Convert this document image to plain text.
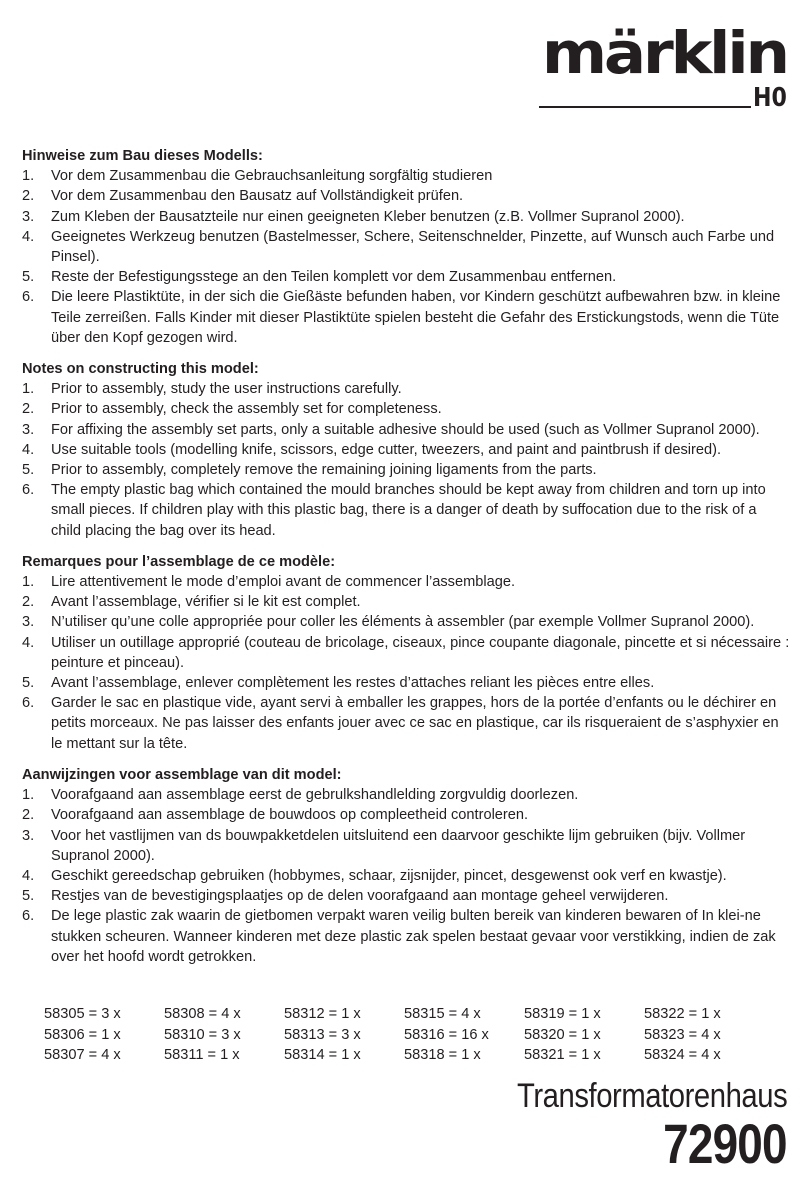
märklin
H0

Hinweise zum Bau dieses Modells:

1. Vor dem Zusammenbau die Gebrauchsanleitung sorgfältig studieren
2. Vor dem Zusammenbau den Bausatz auf Vollständigkeit prüfen.
3. Zum Kleben der Bausatzteile nur einen geeigneten Kleber benutzen (z.B. Vollmer Supranol 2000).
4. Geeignetes Werkzeug benutzen (Bastelmesser, Schere, Seitenschnelder, Pinzette, auf Wunsch auch Farbe und Pinsel).
5. Reste der Befestigungsstege an den Teilen komplett vor dem Zusammenbau entfernen.
6. Die leere Plastiktüte, in der sich die Gießäste befunden haben, vor Kindern geschützt aufbewahren bzw. in kleine Teile zerreißen. Falls Kinder mit dieser Plastiktüte spielen besteht die Gefahr des Erstickungstods, wenn die Tüte über den Kopf gezogen wird.

Notes on constructing this model:

1. Prior to assembly, study the user instructions carefully.
2. Prior to assembly, check the assembly set for completeness.
3. For affixing the assembly set parts, only a suitable adhesive should be used (such as Vollmer Supranol 2000).
4. Use suitable tools (modelling knife, scissors, edge cutter, tweezers, and paint and paintbrush if desired).
5. Prior to assembly, completely remove the remaining joining ligaments from the parts.
6. The empty plastic bag which contained the mould branches should be kept away from children and torn up into small pieces. If children play with this plastic bag, there is a danger of death by suffocation due to the risk of a child placing the bag over its head.

Remarques pour l’assemblage de ce modèle:

1. Lire attentivement le mode d’emploi avant de commencer l’assemblage.
2. Avant l’assemblage, vérifier si le kit est complet.
3. N’utiliser qu’une colle appropriée pour coller les éléments à assembler (par exemple Vollmer Supranol 2000).
4. Utiliser un outillage approprié (couteau de bricolage, ciseaux, pince coupante diagonale, pincette et si nécessaire : peinture et pinceau).
5. Avant l’assemblage, enlever complètement les restes d’attaches reliant les pièces entre elles.
6. Garder le sac en plastique vide, ayant servi à emballer les grappes, hors de la portée d’enfants ou le déchirer en petits morceaux. Ne pas laisser des enfants jouer avec ce sac en plastique, car ils risqueraient de s’asphyxier en le mettant sur la tête.

Aanwijzingen voor assemblage van dit model:

1. Voorafgaand aan assemblage eerst de gebrulkshandlelding zorgvuldig doorlezen.
2. Voorafgaand aan assemblage de bouwdoos op compleetheid controleren.
3. Voor het vastlijmen van ds bouwpakketdelen uitsluitend een daarvoor geschikte lijm gebruiken (bijv. Vollmer Supranol 2000).
4. Geschikt gereedschap gebruiken (hobbymes, schaar, zijsnijder, pincet, desgewenst ook verf en kwastje).
5. Restjes van de bevestigingsplaatjes op de delen voorafgaand aan montage geheel verwijderen.
6. De lege plastic zak waarin de gietbomen verpakt waren veilig bulten bereik van kinderen bewaren of In klei-ne stukken scheuren. Wanneer kinderen met deze plastic zak spelen bestaat gevaar voor verstikking, indien de zak over het hoofd wordt getrokken.
58305 = 3 x	58308 = 4 x	58312 = 1 x	58315 = 4 x	58319 = 1 x	58322 = 1 x
58306 = 1 x	58310 = 3 x	58313 = 3 x	58316 = 16 x	58320 = 1 x	58323 = 4 x
58307 = 4 x	58311 = 1 x	58314 = 1 x	58318 = 1 x	58321 = 1 x	58324 = 4 x
Transformatorenhaus
72900
